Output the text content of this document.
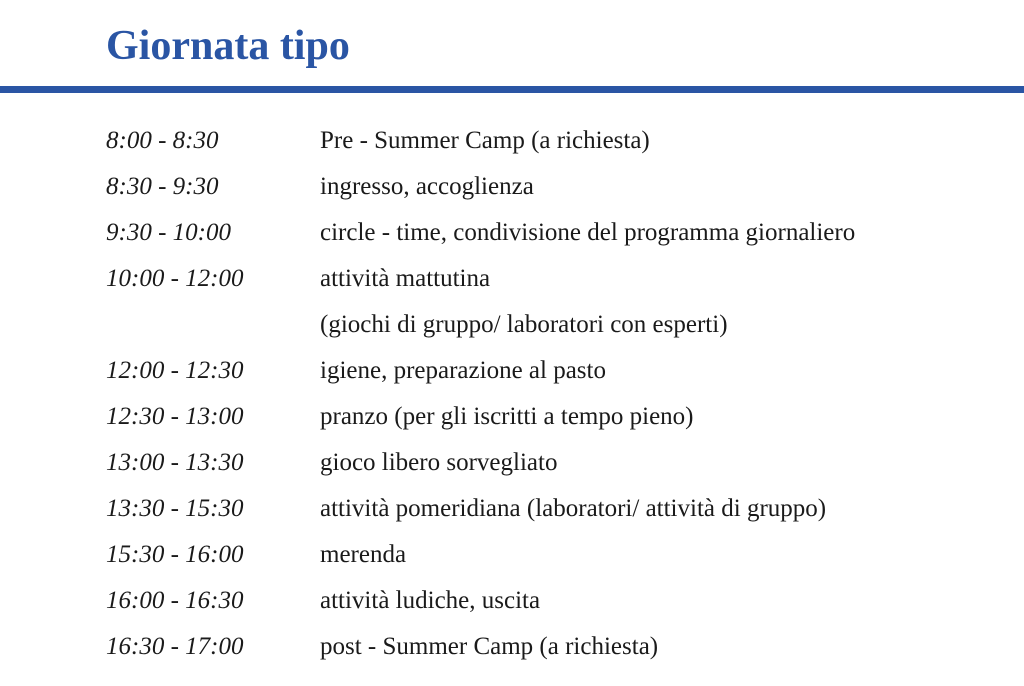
Giornata tipo
8:00 - 8:30	Pre - Summer Camp (a richiesta)
8:30 - 9:30	ingresso, accoglienza
9:30 - 10:00	circle - time, condivisione del programma giornaliero
10:00 - 12:00	attività mattutina
(giochi di gruppo/ laboratori con esperti)
12:00 - 12:30	igiene, preparazione al pasto
12:30 - 13:00	pranzo (per gli iscritti a tempo pieno)
13:00 - 13:30	gioco libero sorvegliato
13:30 - 15:30	attività pomeridiana (laboratori/ attività di gruppo)
15:30 - 16:00	merenda
16:00 - 16:30	attività ludiche, uscita
16:30 - 17:00	post - Summer Camp (a richiesta)
